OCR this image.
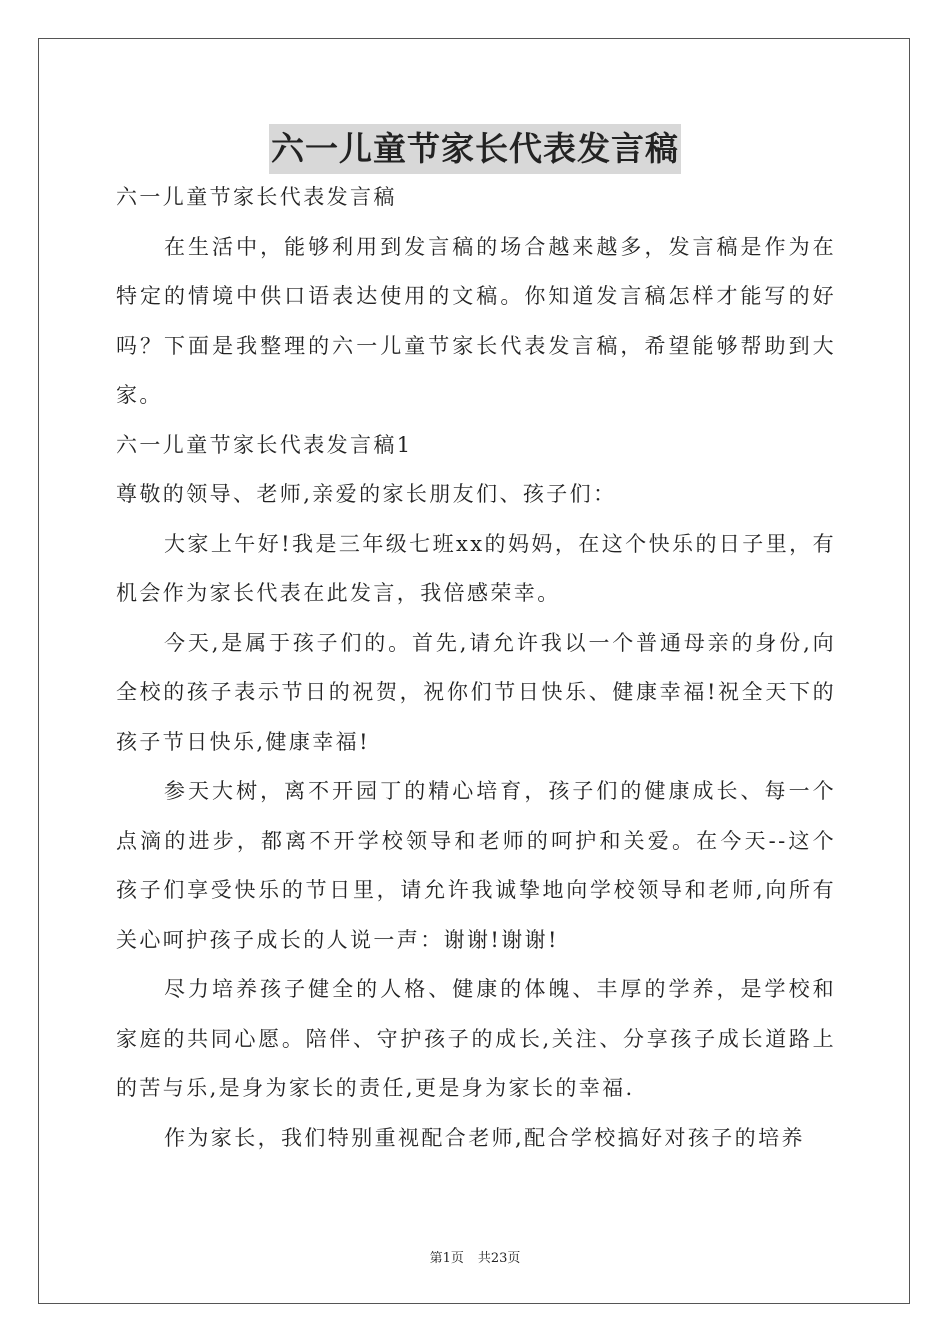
六一儿童节家长代表发言稿

六一儿童节家长代表发言稿

在生活中，能够利用到发言稿的场合越来越多，发言稿是作为在特定的情境中供口语表达使用的文稿。你知道发言稿怎样才能写的好吗？下面是我整理的六一儿童节家长代表发言稿，希望能够帮助到大家。

六一儿童节家长代表发言稿1

尊敬的领导、老师,亲爱的家长朋友们、孩子们：

大家上午好!我是三年级七班xx的妈妈，在这个快乐的日子里，有机会作为家长代表在此发言，我倍感荣幸。

今天,是属于孩子们的。首先,请允许我以一个普通母亲的身份,向全校的孩子表示节日的祝贺，祝你们节日快乐、健康幸福!祝全天下的孩子节日快乐,健康幸福!

参天大树，离不开园丁的精心培育，孩子们的健康成长、每一个点滴的进步，都离不开学校领导和老师的呵护和关爱。在今天--这个孩子们享受快乐的节日里，请允许我诚挚地向学校领导和老师,向所有关心呵护孩子成长的人说一声：谢谢!谢谢!

尽力培养孩子健全的人格、健康的体魄、丰厚的学养，是学校和家庭的共同心愿。陪伴、守护孩子的成长,关注、分享孩子成长道路上的苦与乐,是身为家长的责任,更是身为家长的幸福.

作为家长，我们特别重视配合老师,配合学校搞好对孩子的培养

第1页 共23页
